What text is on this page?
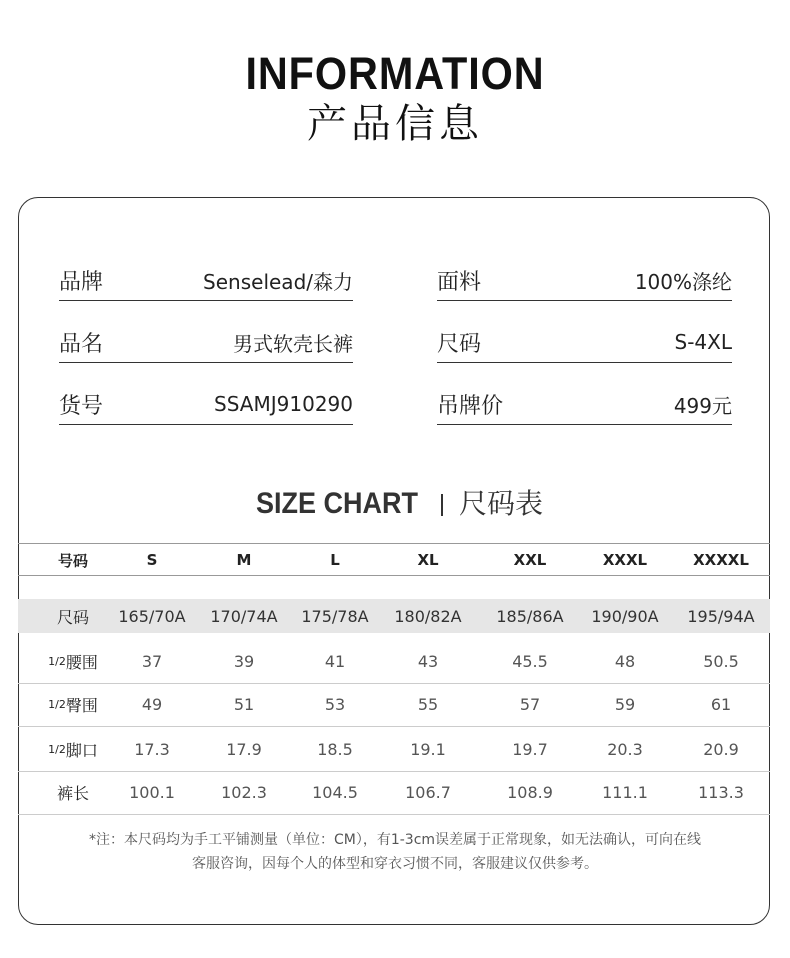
INFORMATION
产品信息
品牌	Senselead/森力
品名	男式软壳长裤
货号	SSAMJ910290
面料	100%涤纶
尺码	S-4XL
吊牌价	499元
SIZE CHART 尺码表
号码	S	M	L	XL	XXL	XXXL	XXXXL
尺码	165/70A	170/74A	175/78A	180/82A	185/86A	190/90A	195/94A
1/2 腰围	37	39	41	43	45.5	48	50.5
1/2 臀围	49	51	53	55	57	59	61
1/2 脚口	17.3	17.9	18.5	19.1	19.7	20.3	20.9
裤长	100.1	102.3	104.5	106.7	108.9	111.1	113.3
*注：本尺码均为手工平铺测量（单位：CM），有1-3cm误差属于正常现象，如无法确认，可向在线
客服咨询，因每个人的体型和穿衣习惯不同，客服建议仅供参考。
